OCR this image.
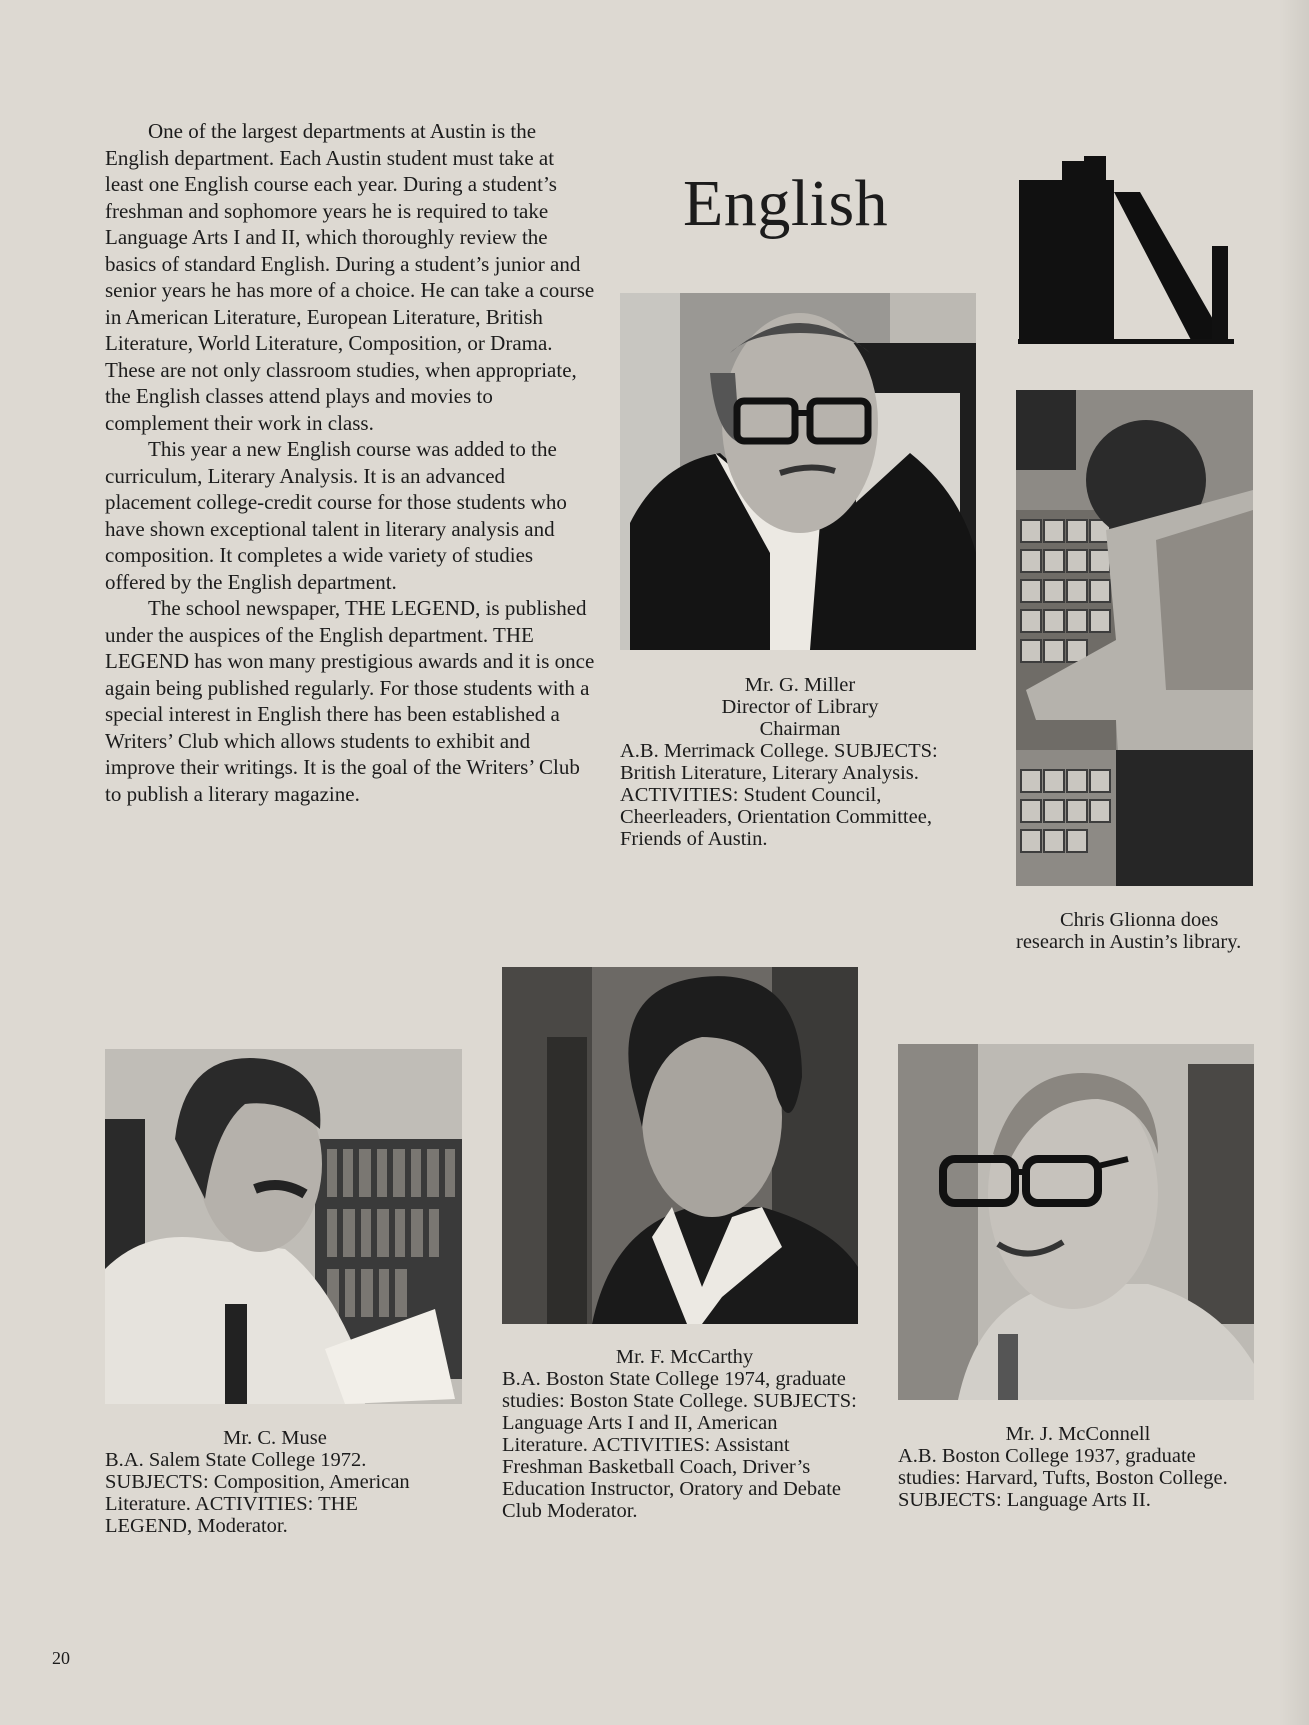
One of the largest departments at Austin is the English department. Each Austin student must take at least one English course each year. During a student’s freshman and sophomore years he is required to take Language Arts I and II, which thoroughly review the basics of standard English. During a student’s junior and senior years he has more of a choice. He can take a course in American Literature, European Literature, British Literature, World Literature, Composition, or Drama. These are not only classroom studies, when appropriate, the English classes attend plays and movies to complement their work in class.

This year a new English course was added to the curriculum, Literary Analysis. It is an advanced placement college-credit course for those students who have shown exceptional talent in literary analysis and composition. It completes a wide variety of studies offered by the English department.

The school newspaper, THE LEGEND, is published under the auspices of the English department. THE LEGEND has won many prestigious awards and it is once again being published regularly. For those students with a special interest in English there has been established a Writers’ Club which allows students to exhibit and improve their writings. It is the goal of the Writers’ Club to publish a literary magazine.

English
Mr. G. Miller
Director of Library
Chairman
A.B. Merrimack College. SUBJECTS: British Literature, Literary Analysis. ACTIVITIES: Student Council, Cheerleaders, Orientation Committee, Friends of Austin.
Chris Glionna does research in Austin’s library.
Mr. C. Muse
B.A. Salem State College 1972. SUBJECTS: Composition, American Literature. ACTIVITIES: THE LEGEND, Moderator.
Mr. F. McCarthy
B.A. Boston State College 1974, graduate studies: Boston State College. SUBJECTS: Language Arts I and II, American Literature. ACTIVITIES: Assistant Freshman Basketball Coach, Driver’s Education Instructor, Oratory and Debate Club Moderator.
Mr. J. McConnell
A.B. Boston College 1937, graduate studies: Harvard, Tufts, Boston College. SUBJECTS: Language Arts II.
20
